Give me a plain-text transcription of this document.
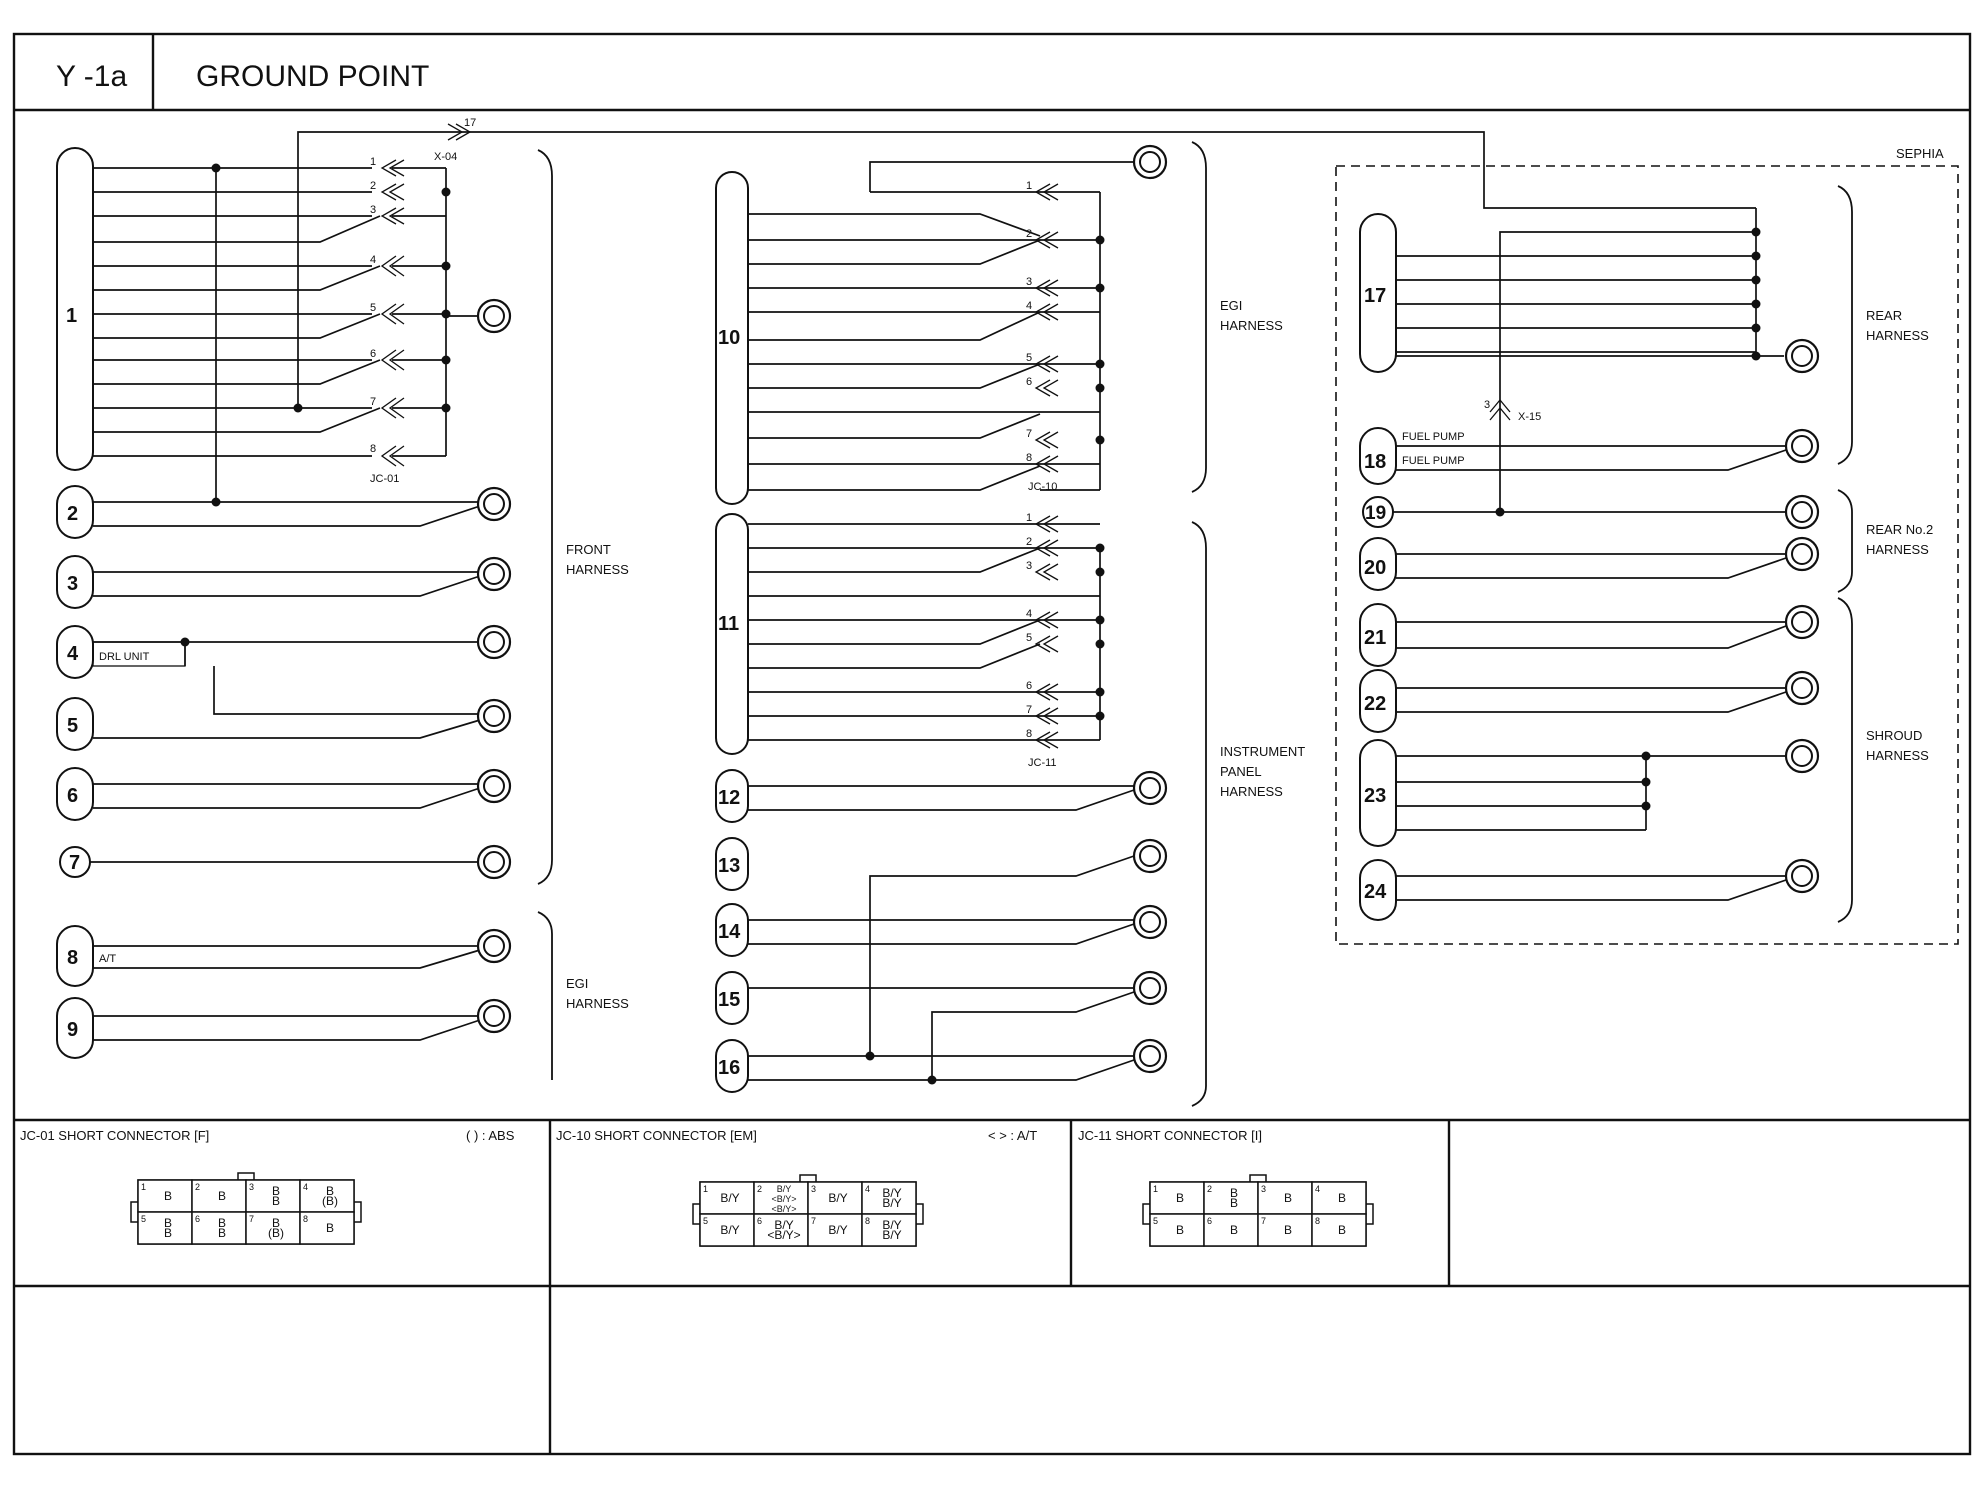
Y -1a GROUND POINT
1
1
2
3
4
5
6
7
8
JC-01
17
X-04
2
3
4 DRL UNIT
5
6
7
8 A/T
9
FRONT
HARNESS
EGI
HARNESS
10
1
2
3
4
5
6
7
8
JC-10
11
1
2
3
4
5
6
7
8
JC-11
12
13
14
15
16
EGI
HARNESS
INSTRUMENT
PANEL
HARNESS
SEPHIA
17
3
X-15
18
FUEL PUMP
FUEL PUMP
19
20
21
22
23
24
REAR
HARNESS
REAR No.2
HARNESS
SHROUD
HARNESS
JC-01 SHORT CONNECTOR [F]	( ) : ABS
1
B
2
B
3 B
B
4 B
(B)
5 B
B
6 B
B
7 B
(B)
8
B
JC-10 SHORT CONNECTOR [EM]	< > : A/T
1
B/Y
2 B/Y
<B/Y>
<B/Y>
3
B/Y
4 B/Y
B/Y
5
B/Y
6 B/Y
<B/Y>
7
B/Y
8 B/Y
B/Y
JC-11 SHORT CONNECTOR [I]
1
B
2 B
B
3
B
4
B
5
B
6
B
7
B
8
B
